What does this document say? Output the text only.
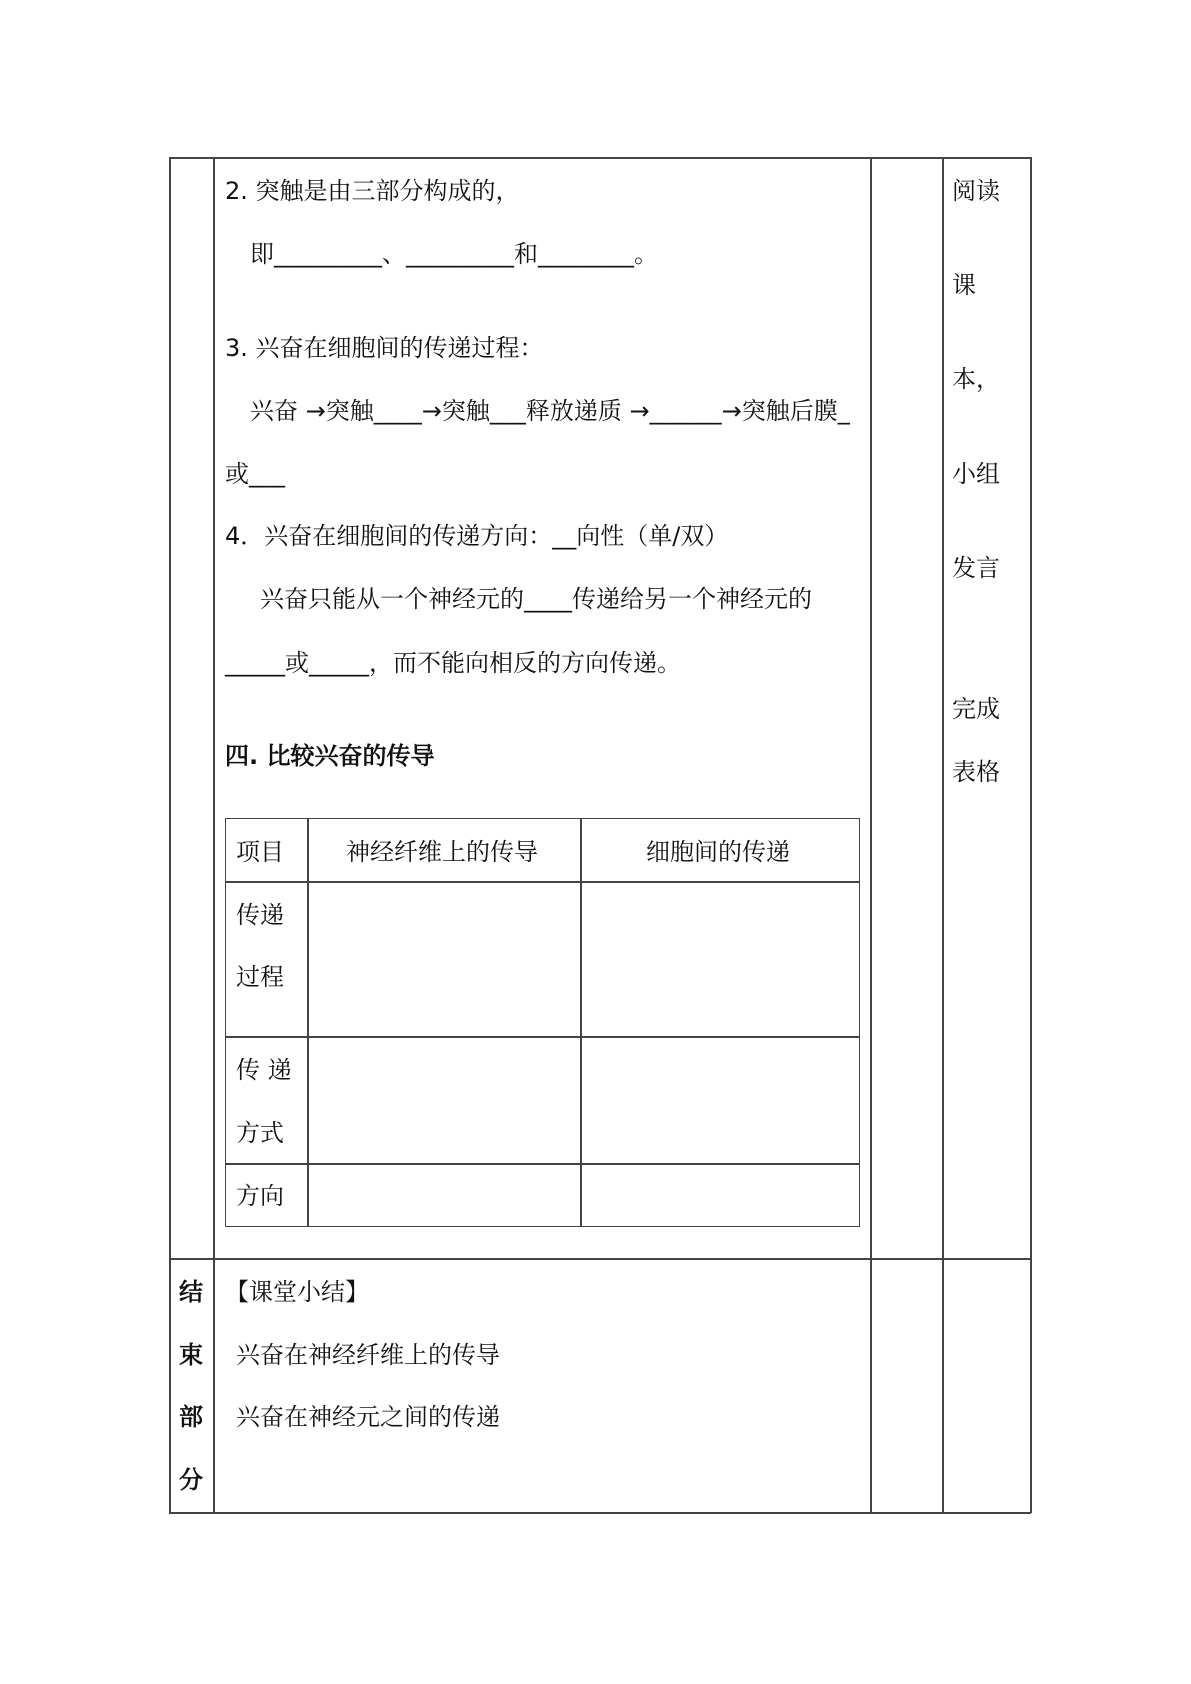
2. 突触是由三部分构成的，
即_________、_________和________。
3. 兴奋在细胞间的传递过程：
兴奋 →突触____→突触___释放递质 →______→突触后膜_
或___
4．兴奋在细胞间的传递方向：__向性（单/双）
兴奋只能从一个神经元的____传递给另一个神经元的
_____或_____，而不能向相反的方向传递。
四. 比较兴奋的传导
项目	神经纤维上的传导	细胞间的传递
传递
过程
传 递
方式
方向
阅读
课
本，
小组
发言
完成
表格
结
束
部
分
【课堂小结】
兴奋在神经纤维上的传导
兴奋在神经元之间的传递
